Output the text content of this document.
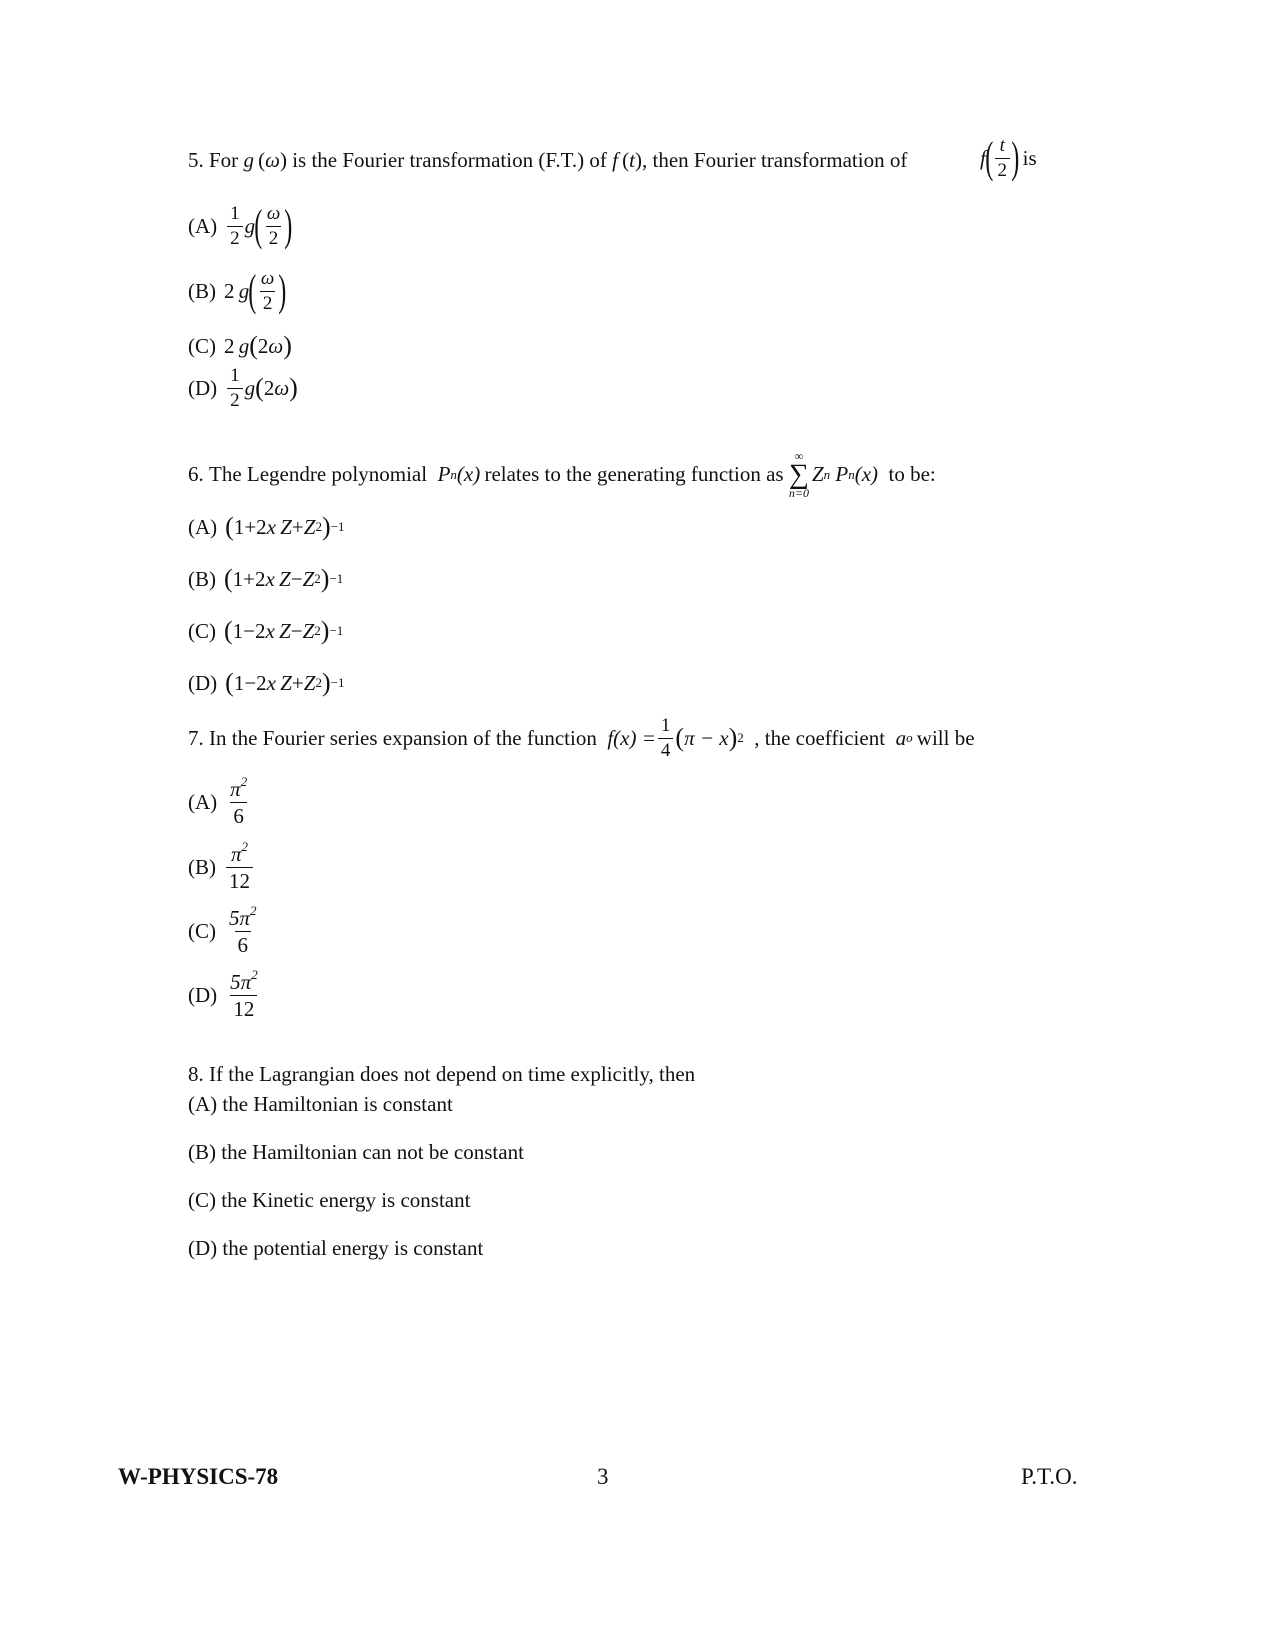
5.
For
g  ( ω ) is the Fourier transformation (F.T.) of
f  ( t ) , then Fourier transformation of	f ( $\frac{t}{2}$ ) is
$(A) \frac{1}{2}$ g ( $\frac{\omega}{2}$ )
(B) 2
  g ( $\frac{\omega}{2}$ )
(C) 2
  g ( 2 ω )
$(D) \frac{1}{2}$ g ( 2 ω )
6.
The Legendre polynomial
P n (x)
  relates to the generating function as

∞
∑
n=0
Z n
P n (x)
to be:
(A) ( 1 + 2 x
  Z + Z 2 ) −1
(B) ( 1 + 2 x
  Z − Z 2 ) −1
(C) ( 1 − 2 x
  Z − Z 2 ) −1
(D) ( 1 − 2 x
  Z + Z 2 ) −1
7.
In the Fourier series expansion of the function
$f(x) = \frac{1}{4}$ ( π − x ) 2
, the coefficient
a o
  will be
$(A) \frac{\pi^2}{6}$
$(B) \frac{\pi^2}{12}$
$(C) \frac{5\pi^2}{6}$
$(D) \frac{5\pi^2}{12}$
8. If the Lagrangian does not depend on time explicitly, then
(A) the Hamiltonian is constant
(B) the Hamiltonian can not be constant
(C) the Kinetic energy is constant
(D) the potential energy is constant
W-PHYSICS-78	3	P.T.O.
